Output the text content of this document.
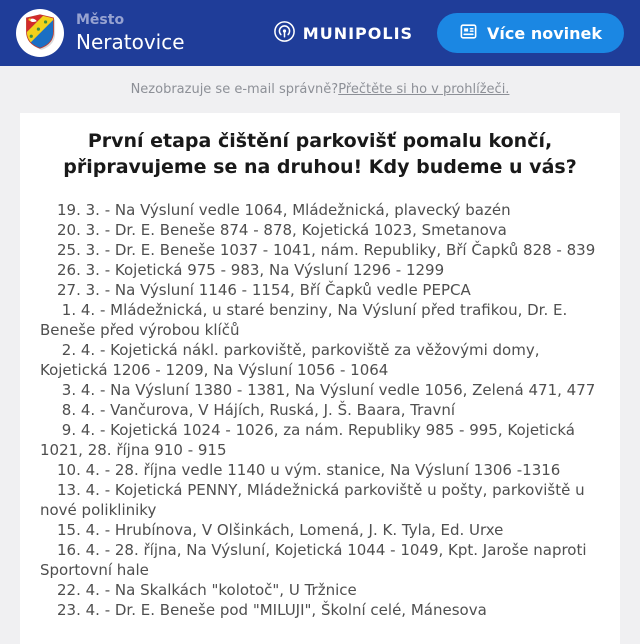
Město
Neratovice	MUNIPOLIS	Více novinek
Nezobrazuje se e-mail správně? Přečtěte si ho v prohlížeči.
První etapa čištění parkovišť pomalu končí,
připravujeme se na druhou! Kdy budeme u vás?

19. 3. - Na Výsluní vedle 1064, Mládežnická, plavecký bazén

20. 3. - Dr. E. Beneše 874 - 878, Kojetická 1023, Smetanova

25. 3. - Dr. E. Beneše 1037 - 1041, nám. Republiky, Bří Čapků 828 - 839

26. 3. - Kojetická 975 - 983, Na Výsluní 1296 - 1299

27. 3. - Na Výsluní 1146 - 1154, Bří Čapků vedle PEPCA

1. 4. - Mládežnická, u staré benziny, Na Výsluní před trafikou, Dr. E. Beneše před výrobou klíčů

2. 4. - Kojetická nákl. parkoviště, parkoviště za věžovými domy, Kojetická 1206 - 1209, Na Výsluní 1056 - 1064

3. 4. - Na Výsluní 1380 - 1381, Na Výsluní vedle 1056, Zelená 471, 477

8. 4. - Vančurova, V Hájích, Ruská, J. Š. Baara, Travní

9. 4. - Kojetická 1024 - 1026, za nám. Republiky 985 - 995, Kojetická 1021, 28. října 910 - 915

10. 4. - 28. října vedle 1140 u vým. stanice, Na Výsluní 1306 -1316

13. 4. - Kojetická PENNY, Mládežnická parkoviště u pošty, parkoviště u nové polikliniky

15. 4. - Hrubínova, V Olšinkách, Lomená, J. K. Tyla, Ed. Urxe

16. 4. - 28. října, Na Výsluní, Kojetická 1044 - 1049, Kpt. Jaroše naproti Sportovní hale

22. 4. - Na Skalkách "kolotoč", U Tržnice

23. 4. - Dr. E. Beneše pod "MILUJI", Školní celé, Mánesova
